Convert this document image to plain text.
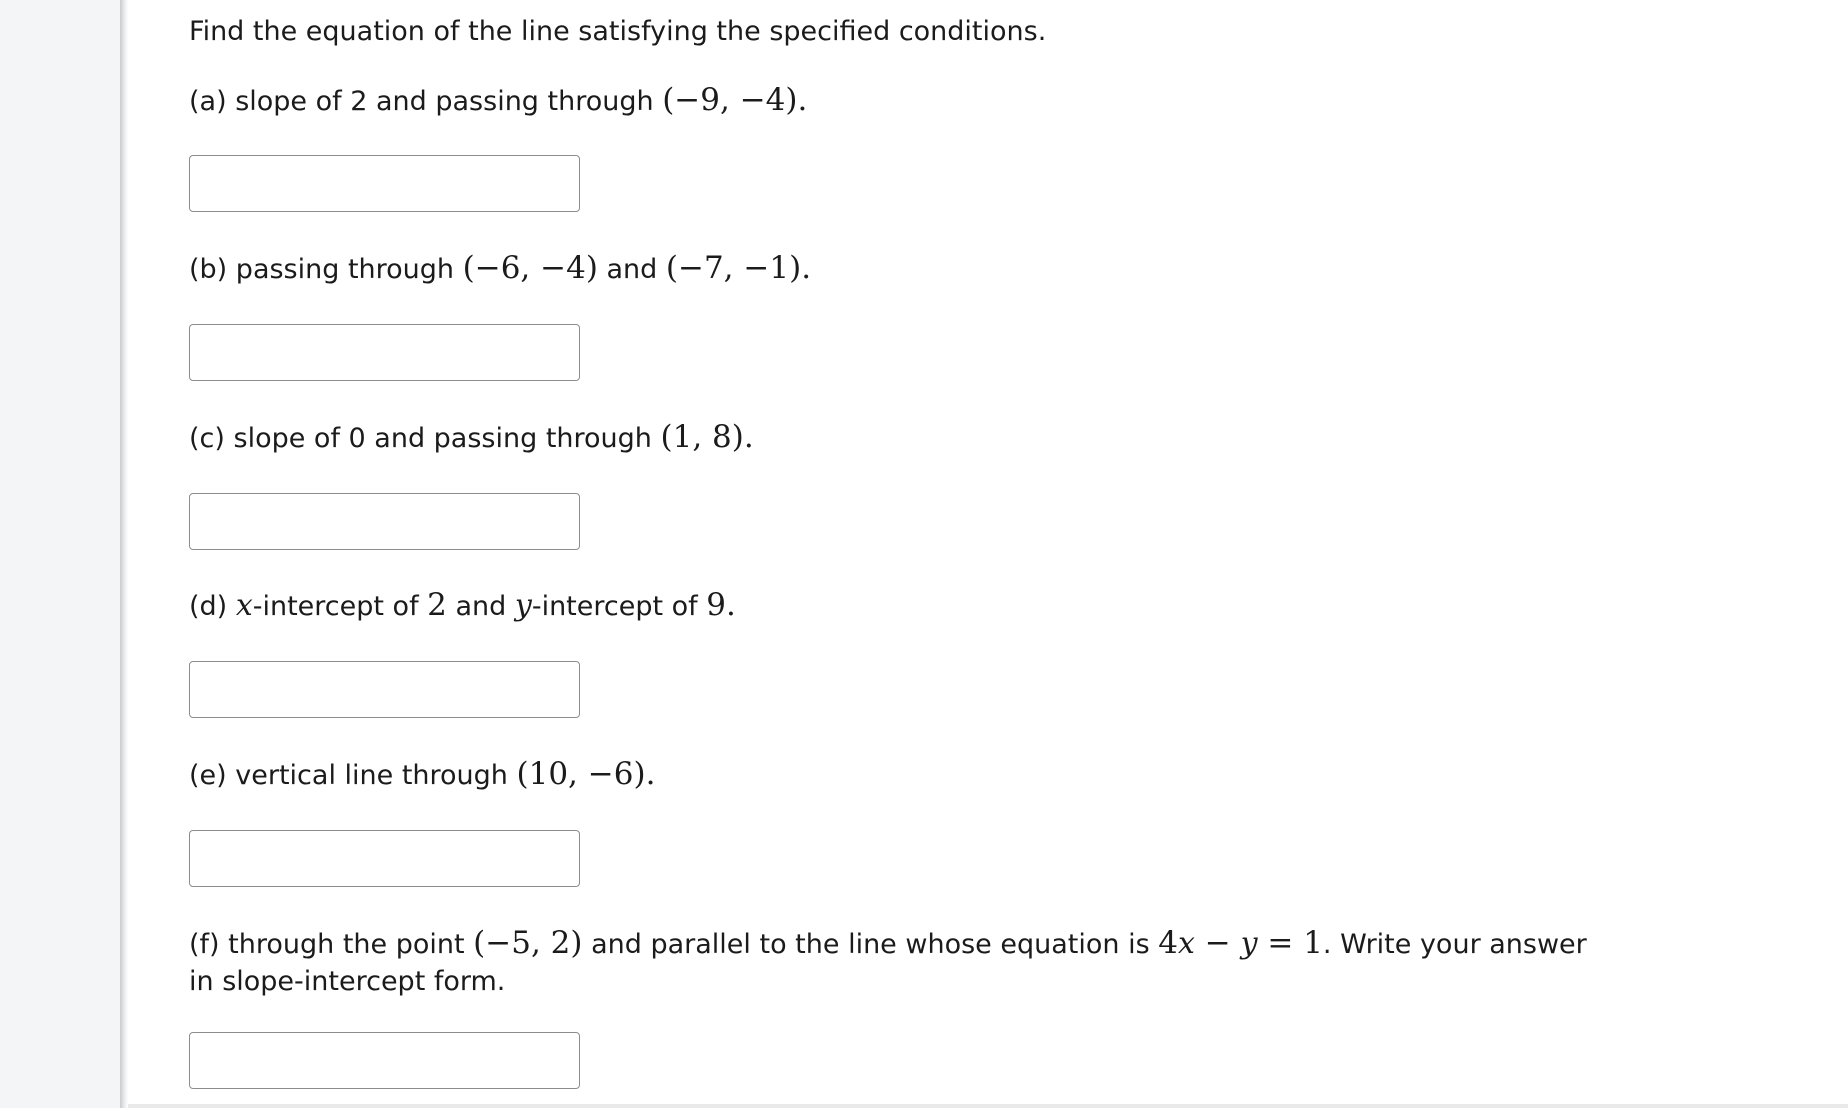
Find the equation of the line satisfying the specified conditions.
(a) slope of 2 and passing through (−9, −4).
(b) passing through (−6, −4) and (−7, −1).
(c) slope of 0 and passing through (1, 8).
(d) x-intercept of 2 and y-intercept of 9.
(e) vertical line through (10, −6).
(f) through the point (−5, 2) and parallel to the line whose equation is 4x − y = 1. Write your answer in slope-intercept form.
